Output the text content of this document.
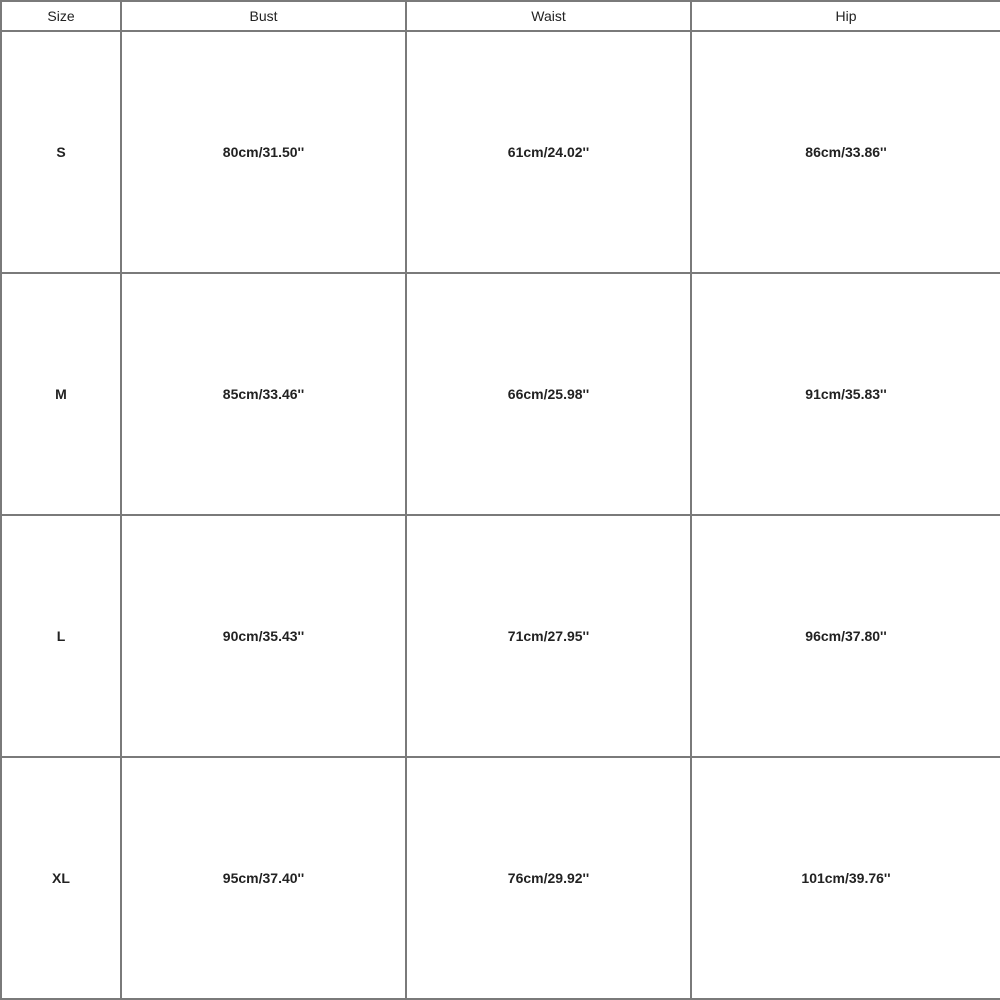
Size	Bust	Waist	Hip
S	80cm/31.50''	61cm/24.02''	86cm/33.86''
M	85cm/33.46''	66cm/25.98''	91cm/35.83''
L	90cm/35.43''	71cm/27.95''	96cm/37.80''
XL	95cm/37.40''	76cm/29.92''	101cm/39.76''
